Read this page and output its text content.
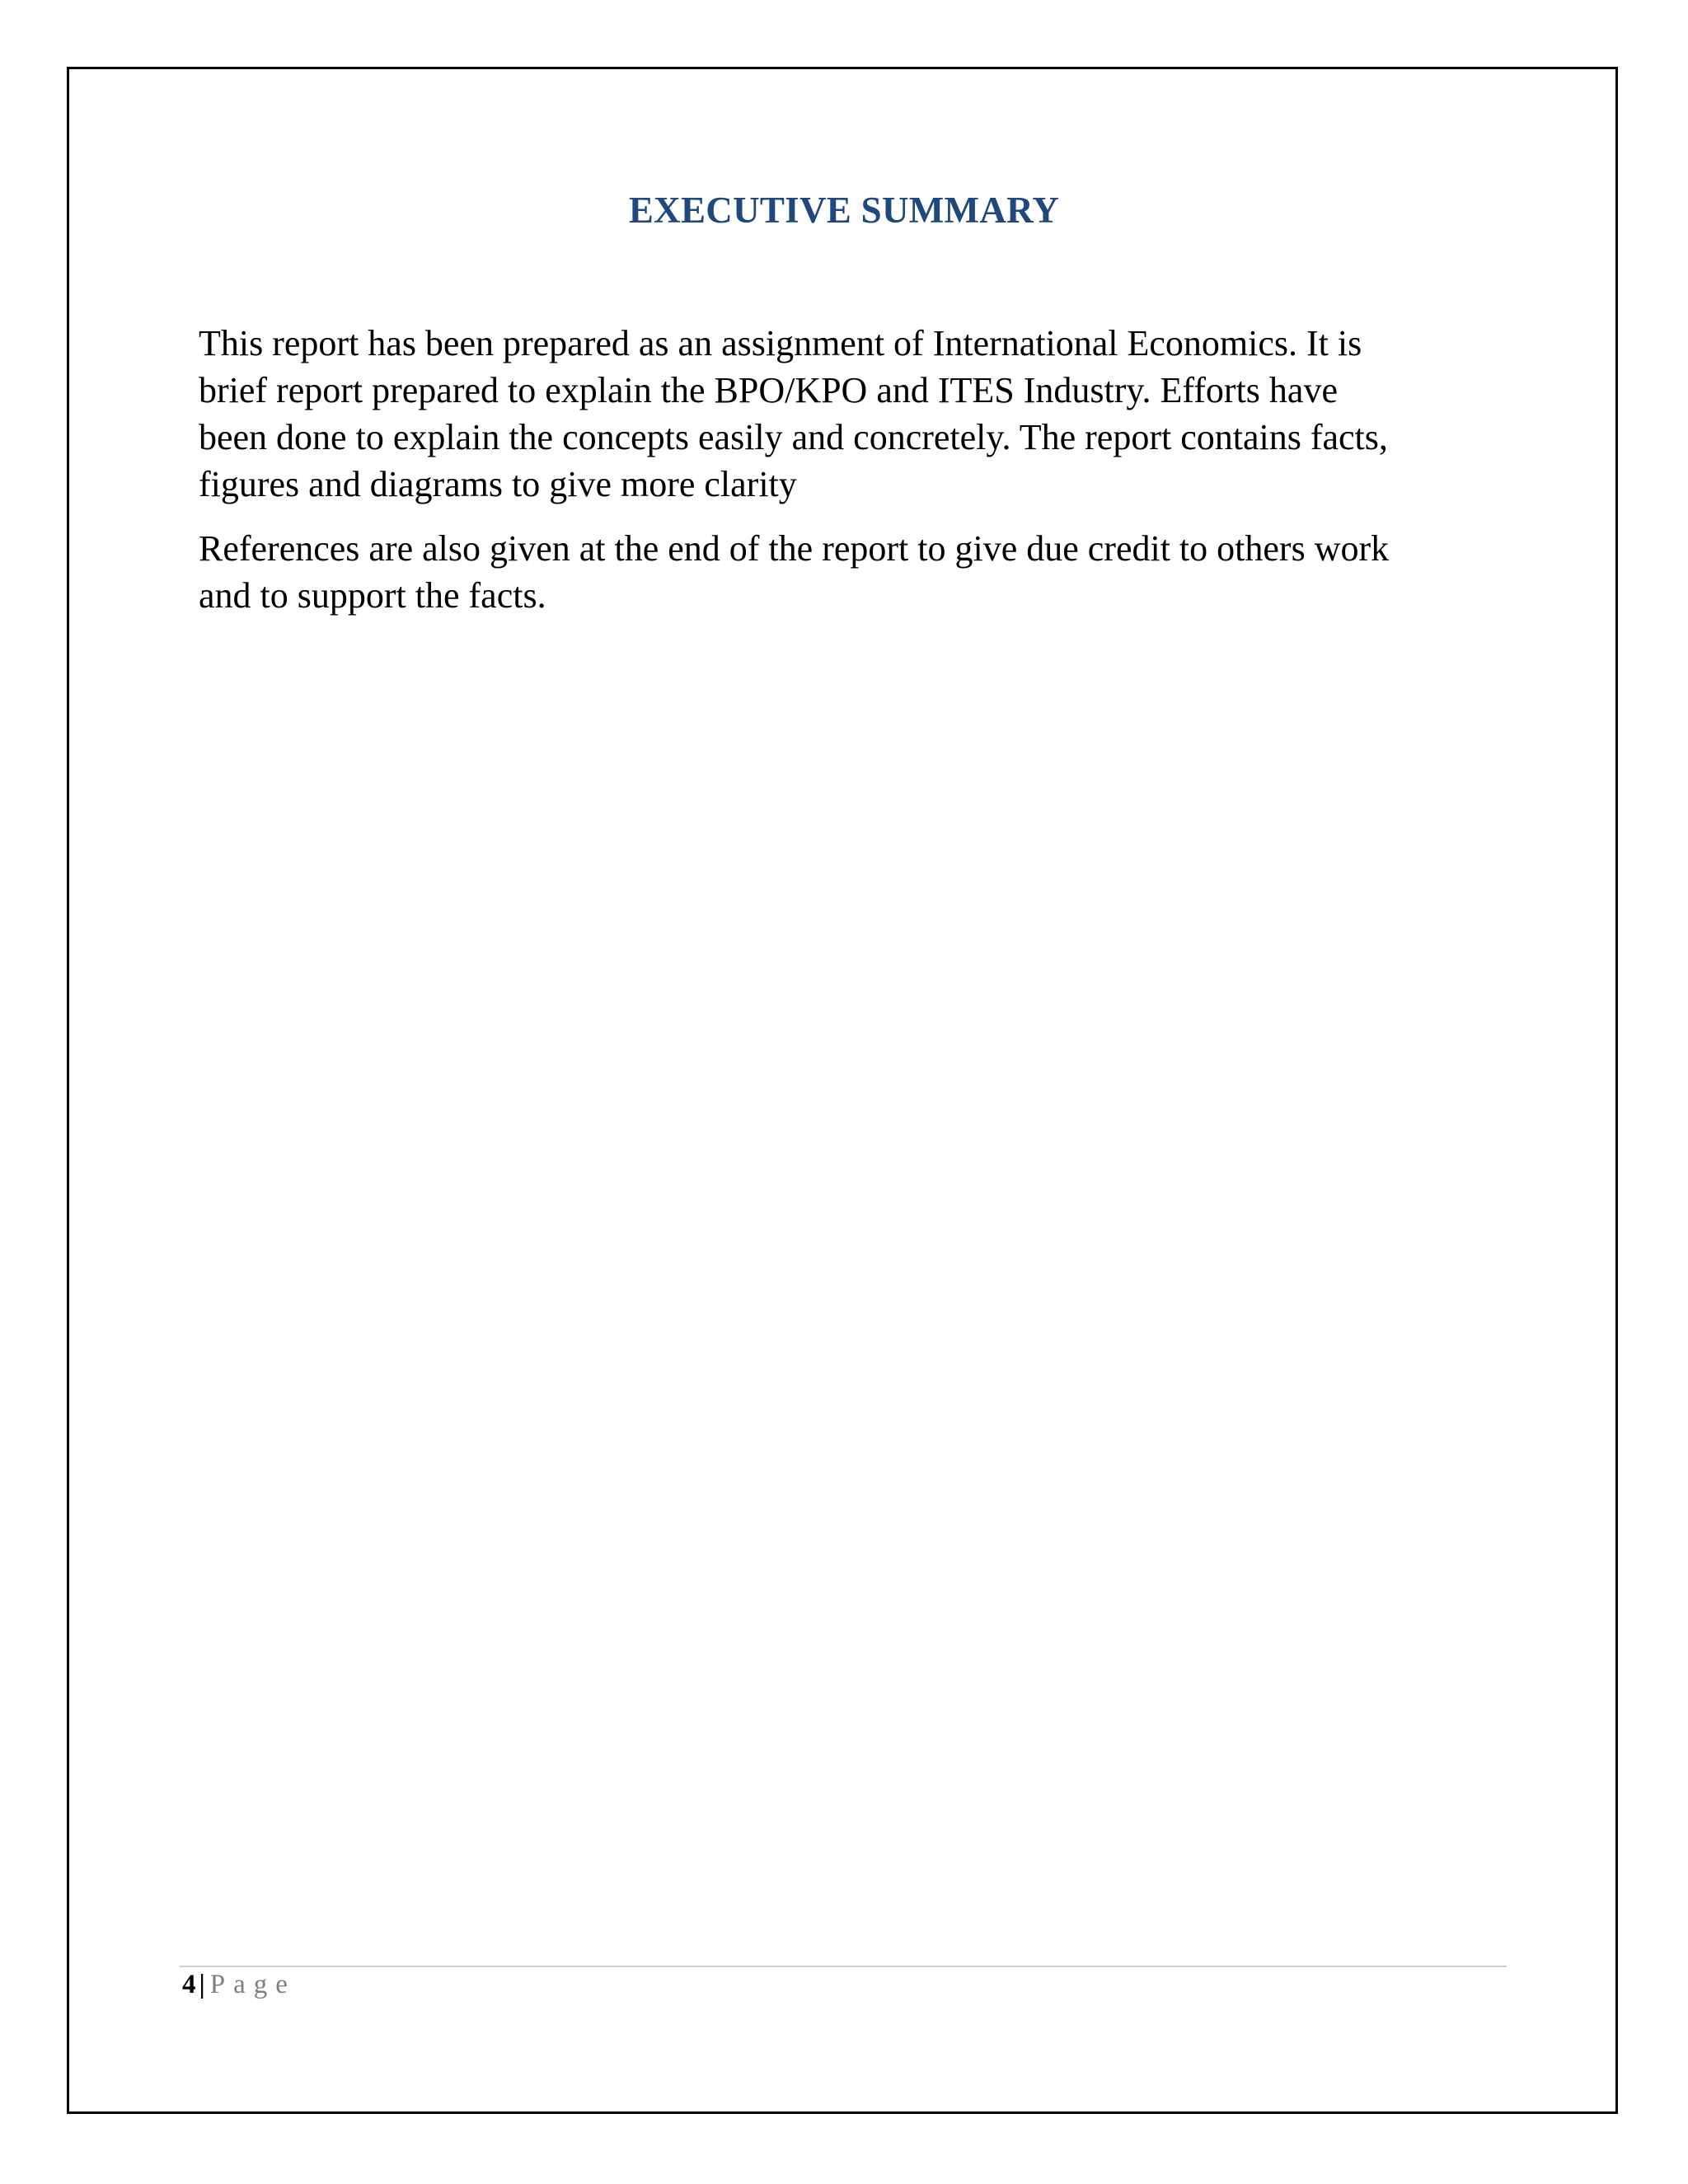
EXECUTIVE SUMMARY
This report has been prepared as an assignment of International Economics. It is
brief report prepared to explain the BPO/KPO and ITES Industry. Efforts have
been done to explain the concepts easily and concretely. The report contains facts,
figures and diagrams to give more clarity
References are also given at the end of the report to give due credit to others work
and to support the facts.
4 | Page
